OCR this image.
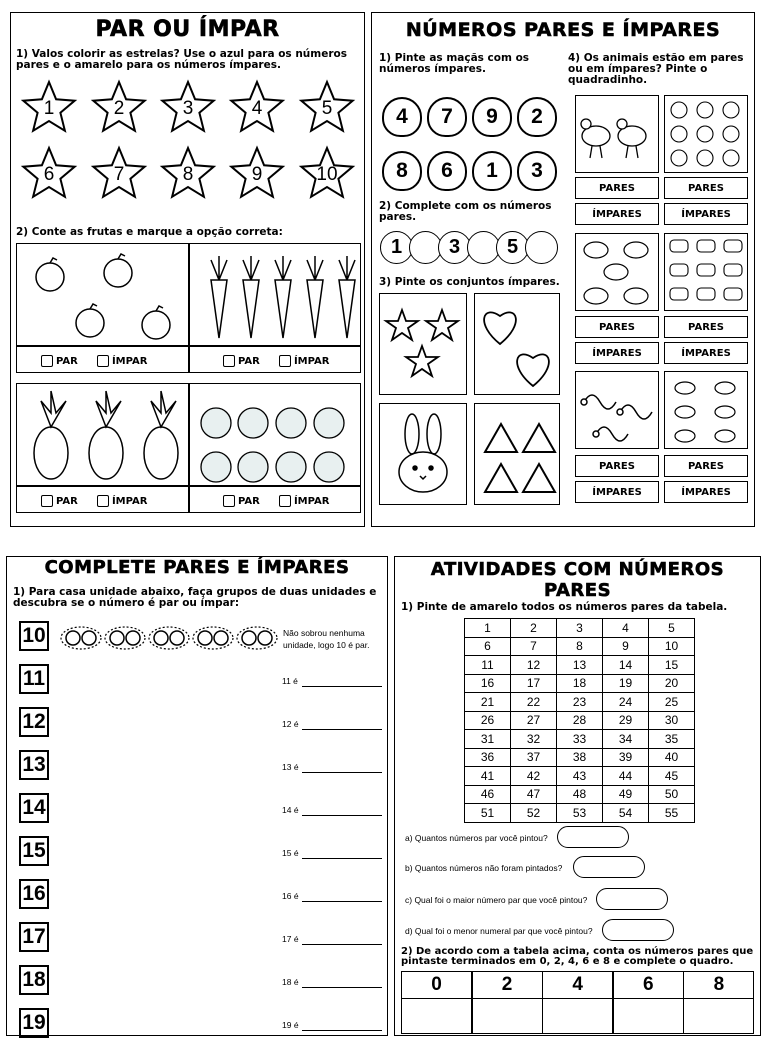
PAR OU ÍMPAR
1) Valos colorir as estrelas? Use o azul para os números pares e o amarelo para os números ímpares.
1	2	3	4	5
6	7	8	9	10
2) Conte as frutas e marque a opção correta:
PAR
	ÍMPAR	PAR
	ÍMPAR
PAR
	ÍMPAR	PAR
	ÍMPAR
NÚMEROS PARES E ÍMPARES
1) Pinte as maçãs com os números ímpares.
4) Os animais estão em pares ou em ímpares? Pinte o quadradinho.
4	7	9	2
8	6	1	3
2) Complete com os números pares.
1	3	5
3) Pinte os conjuntos ímpares.
PARES	PARES
ÍMPARES	ÍMPARES
PARES	PARES
ÍMPARES	ÍMPARES
PARES	PARES
ÍMPARES	ÍMPARES
COMPLETE PARES E ÍMPARES
1) Para casa unidade abaixo, faça grupos de duas unidades e descubra se o número é par ou ímpar:
10
11	11 é
12	12 é
13	13 é
14	14 é
15	15 é
16	16 é
17	17 é
18	18 é
19	19 é
Não sobrou nenhuma unidade, logo 10 é par.
ATIVIDADES COM NÚMEROS PARES
1) Pinte de amarelo todos os números pares da tabela.
1	2	3	4	5
6	7	8	9	10
11	12	13	14	15
16	17	18	19	20
21	22	23	24	25
26	27	28	29	30
31	32	33	34	35
36	37	38	39	40
41	42	43	44	45
46	47	48	49	50
51	52	53	54	55
a) Quantos números par você pintou?
b) Quantos números não foram pintados?
c) Qual foi o maior número par que você pintou?
d) Qual foi o menor numeral par que você pintou?
2) De acordo com a tabela acima, conta os números pares que pintaste terminados em 0, 2, 4, 6 e 8 e complete o quadro.
0	2	4	6	8
